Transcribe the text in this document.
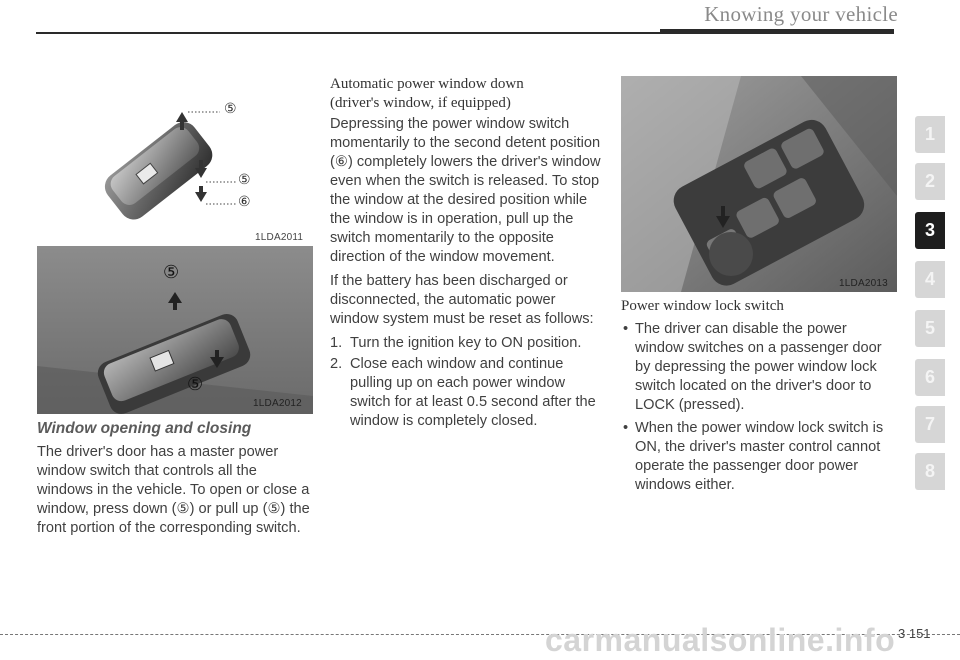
Knowing your vehicle
⑤
⑤
⑥
1LDA2011
⑤
⑤
1LDA2012
Window opening and closing

The driver's door has a master power window switch that controls all the windows in the vehicle. To open or close a window, press down (⑤) or pull up (⑤) the front portion of the corresponding switch.

Automatic power window down
(driver's window, if equipped)

Depressing the power window switch momentarily to the second detent position (⑥) completely lowers the driver's window even when the switch is released. To stop the window at the desired position while the window is in operation, pull up the switch momentarily to the opposite direction of the window movement.

If the battery has been discharged or disconnected, the automatic power window system must be reset as follows:

1. Turn the ignition key to ON position.
2. Close each window and continue pulling up on each power window switch for at least 0.5 second after the window is completely closed.
1LDA2013
Power window lock switch
• The driver can disable the power window switches on a passenger door by depressing the power window lock switch located on the driver's door to LOCK (pressed).
• When the power window lock switch is ON, the driver's master control cannot operate the passenger door power windows either.
1
2
3
4
5
6
7
8
carmanualsonline.info 3 151
